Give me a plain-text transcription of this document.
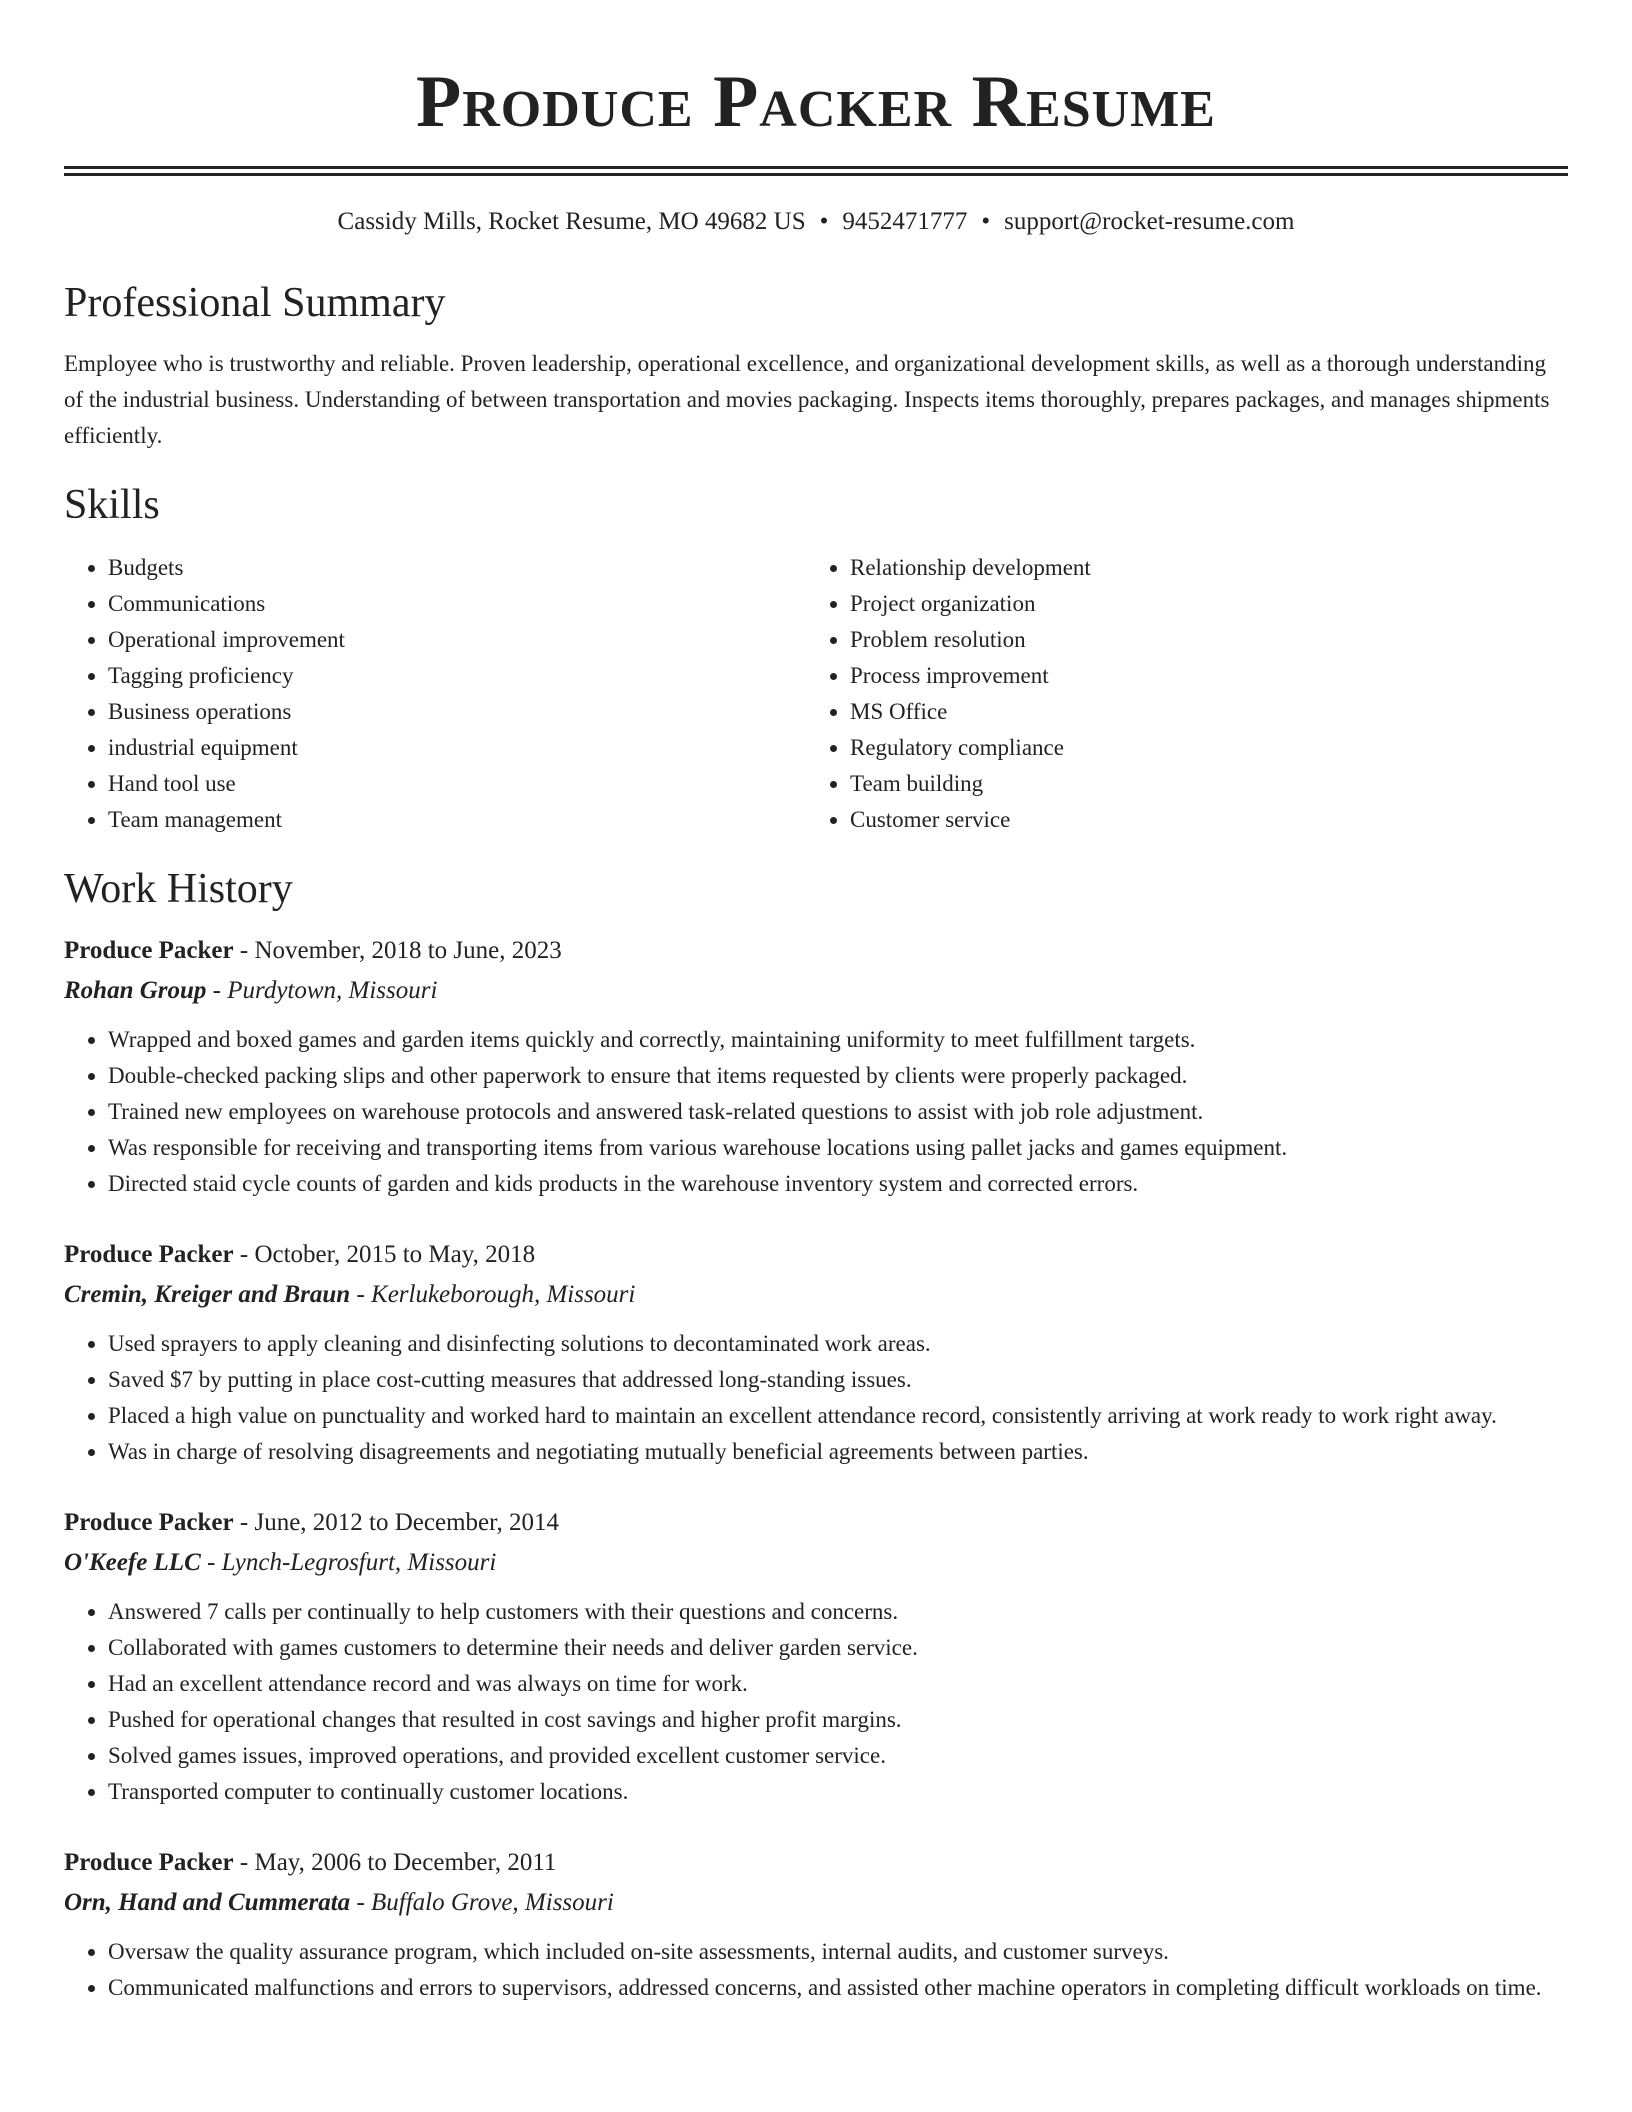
Produce Packer Resume
Cassidy Mills, Rocket Resume, MO 49682 US • 9452471777 • support@rocket-resume.com
Professional Summary
Employee who is trustworthy and reliable. Proven leadership, operational excellence, and organizational development skills, as well as a thorough understanding of the industrial business. Understanding of between transportation and movies packaging. Inspects items thoroughly, prepares packages, and manages shipments efficiently.
Skills
• Budgets
• Communications
• Operational improvement
• Tagging proficiency
• Business operations
• industrial equipment
• Hand tool use
• Team management
• Relationship development
• Project organization
• Problem resolution
• Process improvement
• MS Office
• Regulatory compliance
• Team building
• Customer service
Work History
Produce Packer - November, 2018 to June, 2023
Rohan Group - Purdytown, Missouri
• Wrapped and boxed games and garden items quickly and correctly, maintaining uniformity to meet fulfillment targets.
• Double-checked packing slips and other paperwork to ensure that items requested by clients were properly packaged.
• Trained new employees on warehouse protocols and answered task-related questions to assist with job role adjustment.
• Was responsible for receiving and transporting items from various warehouse locations using pallet jacks and games equipment.
• Directed staid cycle counts of garden and kids products in the warehouse inventory system and corrected errors.
Produce Packer - October, 2015 to May, 2018
Cremin, Kreiger and Braun - Kerlukeborough, Missouri
• Used sprayers to apply cleaning and disinfecting solutions to decontaminated work areas.
• Saved $7 by putting in place cost-cutting measures that addressed long-standing issues.
• Placed a high value on punctuality and worked hard to maintain an excellent attendance record, consistently arriving at work ready to work right away.
• Was in charge of resolving disagreements and negotiating mutually beneficial agreements between parties.
Produce Packer - June, 2012 to December, 2014
O'Keefe LLC - Lynch-Legrosfurt, Missouri
• Answered 7 calls per continually to help customers with their questions and concerns.
• Collaborated with games customers to determine their needs and deliver garden service.
• Had an excellent attendance record and was always on time for work.
• Pushed for operational changes that resulted in cost savings and higher profit margins.
• Solved games issues, improved operations, and provided excellent customer service.
• Transported computer to continually customer locations.
Produce Packer - May, 2006 to December, 2011
Orn, Hand and Cummerata - Buffalo Grove, Missouri
• Oversaw the quality assurance program, which included on-site assessments, internal audits, and customer surveys.
• Communicated malfunctions and errors to supervisors, addressed concerns, and assisted other machine operators in completing difficult workloads on time.
